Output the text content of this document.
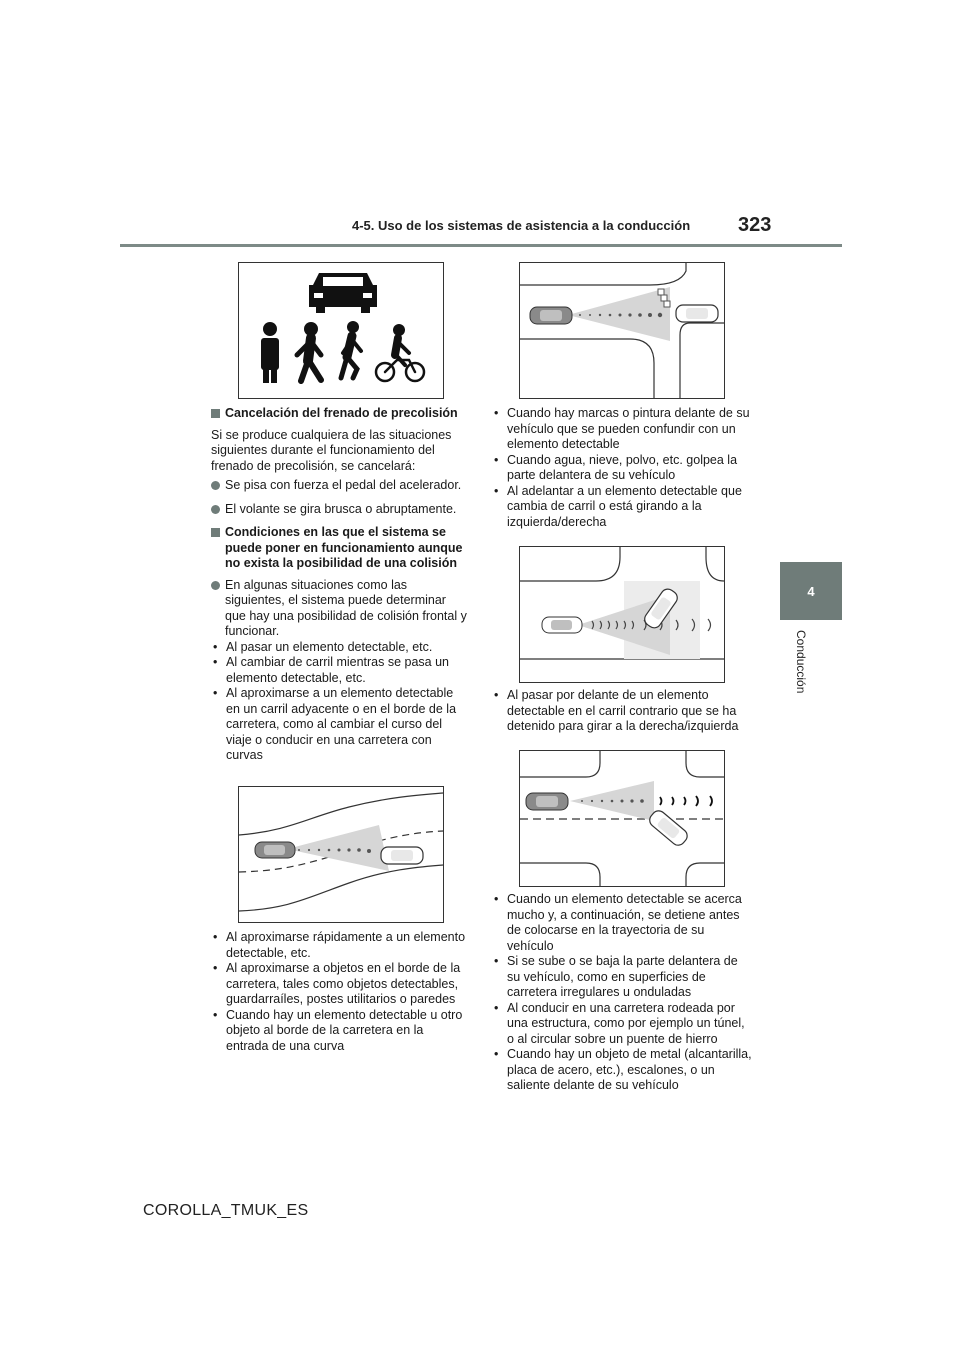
4-5. Uso de los sistemas de asistencia a la conducción 323
4
Conducción
Cancelación del frenado de precolisión

Si se produce cualquiera de las situaciones siguientes durante el funcionamiento del frenado de precolisión, se cancelará:

Se pisa con fuerza el pedal del acelerador.
El volante se gira brusca o abruptamente.
Condiciones en las que el sistema se puede poner en funcionamiento aunque no exista la posibilidad de una colisión
En algunas situaciones como las siguientes, el sistema puede determinar que hay una posibilidad de colisión frontal y funcionar.
• Al pasar un elemento detectable, etc.
• Al cambiar de carril mientras se pasa un elemento detectable, etc.
• Al aproximarse a un elemento detectable en un carril adyacente o en el borde de la carretera, como al cambiar el curso del viaje o conducir en una carretera con curvas
• Al aproximarse rápidamente a un elemento detectable, etc.
• Al aproximarse a objetos en el borde de la carretera, tales como objetos detectables, guardarraíles, postes utilitarios o paredes
• Cuando hay un elemento detectable u otro objeto al borde de la carretera en la entrada de una curva
• Cuando hay marcas o pintura delante de su vehículo que se pueden confundir con un elemento detectable
• Cuando agua, nieve, polvo, etc. golpea la parte delantera de su vehículo
• Al adelantar a un elemento detectable que cambia de carril o está girando a la izquierda/derecha
• Al pasar por delante de un elemento detectable en el carril contrario que se ha detenido para girar a la derecha/izquierda
• Cuando un elemento detectable se acerca mucho y, a continuación, se detiene antes de colocarse en la trayectoria de su vehículo
• Si se sube o se baja la parte delantera de su vehículo, como en superficies de carretera irregulares u onduladas
• Al conducir en una carretera rodeada por una estructura, como por ejemplo un túnel, o al circular sobre un puente de hierro
• Cuando hay un objeto de metal (alcantarilla, placa de acero, etc.), escalones, o un saliente delante de su vehículo
COROLLA_TMUK_ES
